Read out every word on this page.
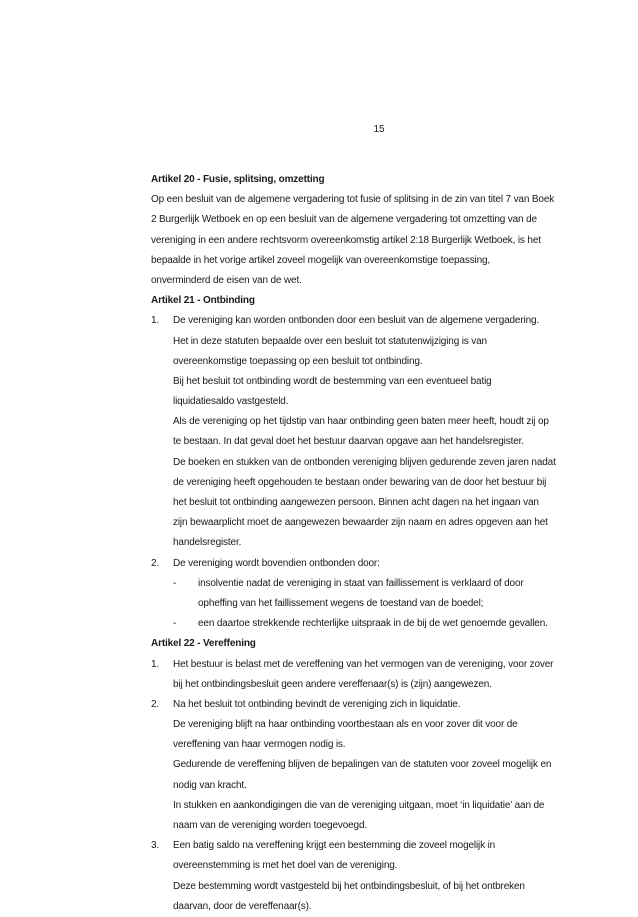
15
Artikel 20 - Fusie, splitsing, omzetting
Op een besluit van de algemene vergadering tot fusie of splitsing in de zin van titel 7 van Boek
2 Burgerlijk Wetboek en op een besluit van de algemene vergadering tot omzetting van de
vereniging in een andere rechtsvorm overeenkomstig artikel 2:18 Burgerlijk Wetboek, is het
bepaalde in het vorige artikel zoveel mogelijk van overeenkomstige toepassing,
onverminderd de eisen van de wet.
Artikel 21 - Ontbinding
1.	De vereniging kan worden ontbonden door een besluit van de algemene vergadering.
Het in deze statuten bepaalde over een besluit tot statutenwijziging is van
overeenkomstige toepassing op een besluit tot ontbinding.
Bij het besluit tot ontbinding wordt de bestemming van een eventueel batig
liquidatiesaldo vastgesteld.
Als de vereniging op het tijdstip van haar ontbinding geen baten meer heeft, houdt zij op
te bestaan. In dat geval doet het bestuur daarvan opgave aan het handelsregister.
De boeken en stukken van de ontbonden vereniging blijven gedurende zeven jaren nadat
de vereniging heeft opgehouden te bestaan onder bewaring van de door het bestuur bij
het besluit tot ontbinding aangewezen persoon. Binnen acht dagen na het ingaan van
zijn bewaarplicht moet de aangewezen bewaarder zijn naam en adres opgeven aan het
handelsregister.
2.	De vereniging wordt bovendien ontbonden door:
-	insolventie nadat de vereniging in staat van faillissement is verklaard of door
opheffing van het faillissement wegens de toestand van de boedel;
-	een daartoe strekkende rechterlijke uitspraak in de bij de wet genoemde gevallen.
Artikel 22 - Vereffening
1.	Het bestuur is belast met de vereffening van het vermogen van de vereniging, voor zover
bij het ontbindingsbesluit geen andere vereffenaar(s) is (zijn) aangewezen.
2.	Na het besluit tot ontbinding bevindt de vereniging zich in liquidatie.
De vereniging blijft na haar ontbinding voortbestaan als en voor zover dit voor de
vereffening van haar vermogen nodig is.
Gedurende de vereffening blijven de bepalingen van de statuten voor zoveel mogelijk en
nodig van kracht.
In stukken en aankondigingen die van de vereniging uitgaan, moet ‘in liquidatie’ aan de
naam van de vereniging worden toegevoegd.
3.	Een batig saldo na vereffening krijgt een bestemming die zoveel mogelijk in
overeenstemming is met het doel van de vereniging.
Deze bestemming wordt vastgesteld bij het ontbindingsbesluit, of bij het ontbreken
daarvan, door de vereffenaar(s).
